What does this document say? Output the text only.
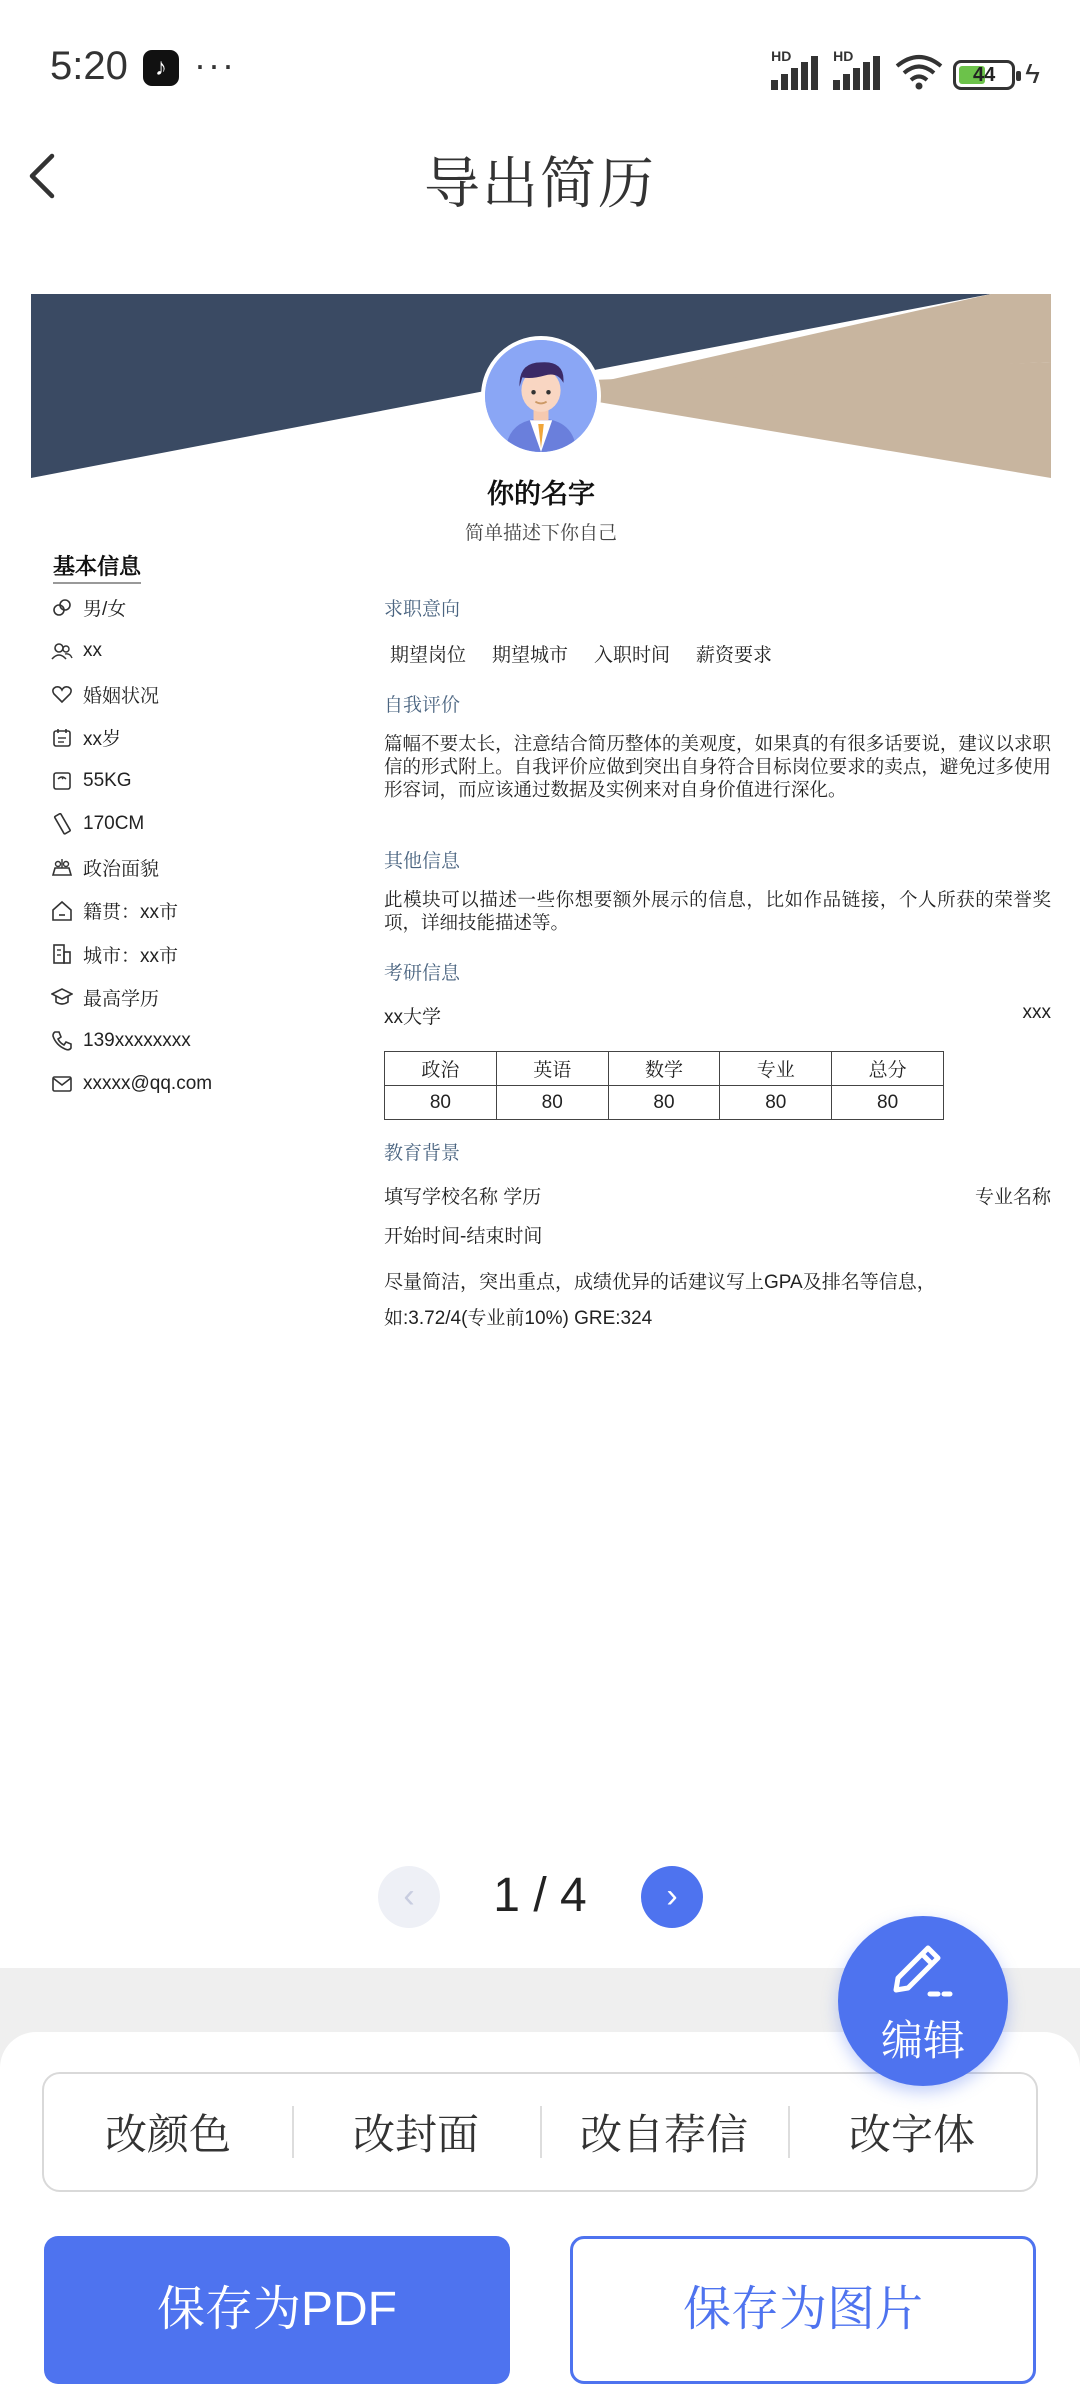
5:20	♪ ···	HD	HD
44	ϟ
导出简历
你的名字
简单描述下你自己
基本信息
男/女
xx
婚姻状况
xx岁
55KG
170CM
政治面貌
籍贯：xx市
城市：xx市
最高学历
139xxxxxxxx
xxxxx@qq.com
求职意向
期望岗位 期望城市 入职时间 薪资要求
自我评价
篇幅不要太长，注意结合简历整体的美观度，如果真的有很多话要说，建议以求职信的形式附上。自我评价应做到突出自身符合目标岗位要求的卖点，避免过多使用形容词，而应该通过数据及实例来对自身价值进行深化。
其他信息
此模块可以描述一些你想要额外展示的信息，比如作品链接，个人所获的荣誉奖项，详细技能描述等。
考研信息
xx大学	xxx
政治	英语	数学	专业	总分
80	80	80	80	80
教育背景
填写学校名称 学历	专业名称
开始时间-结束时间
尽量简洁，突出重点，成绩优异的话建议写上GPA及排名等信息，
如:3.72/4(专业前10%) GRE:324
‹	1 / 4	›
改颜色	改封面	改自荐信	改字体
保存为PDF	保存为图片
编辑
